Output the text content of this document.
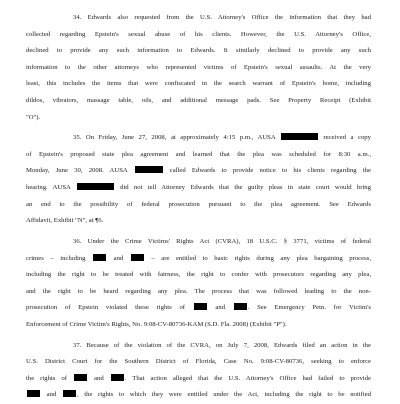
34. Edwards also requested from the U.S. Attorney's Office the information that they had
collected regarding Epstein's sexual abuse of his clients. However, the U.S. Attorney's Office,
declined to provide any such information to Edwards. It similarly declined to provide any such
information to the other attorneys who represented victims of Epstein's sexual assaults. At the very
least, this includes the items that were confiscated in the search warrant of Epstein's home, including
dildos, vibrators, massage table, oils, and additional message pads. See Property Receipt (Exhibit
"O").
35. On Friday, June 27, 2008, at approximately 4:15 p.m., AUSA	received a copy
of Epstein's proposed state plea agreement and learned that the plea was scheduled for 8:30 a.m.,
Monday, June 30, 2008. AUSA	called Edwards to provide notice to his clients regarding the
hearing. AUSA	did not tell Attorney Edwards that the guilty pleas in state court would bring
an end to the possibility of federal prosecution pursuant to the plea agreement. See Edwards
Affidavit, Exhibit "N", at ¶6.
36. Under the Crime Victims' Rights Act (CVRA), 18 U.S.C. § 3771, victims of federal
crimes – including  and  – are entitled to basic rights during any plea bargaining process,
including the right to be treated with fairness, the right to confer with prosecutors regarding any plea,
and the right to be heard regarding any plea. The process that was followed leading to the non-
prosecution of Epstein violated these rights of  and . See Emergency Petn. for Victim's
Enforcement of Crime Victim's Rights, No. 9:08-CV-80736-KAM (S.D. Fla. 2008) (Exhibit "P").
37. Because of the violation of the CVRA, on July 7, 2008, Edwards filed an action in the
U.S. District Court for the Southern District of Florida, Case No. 9:08-CV-80736, seeking to enforce
the rights of  and . That action alleged that the U.S. Attorney's Office had failed to provide
and , the rights to which they were entitled under the Act, including the right to be notified
